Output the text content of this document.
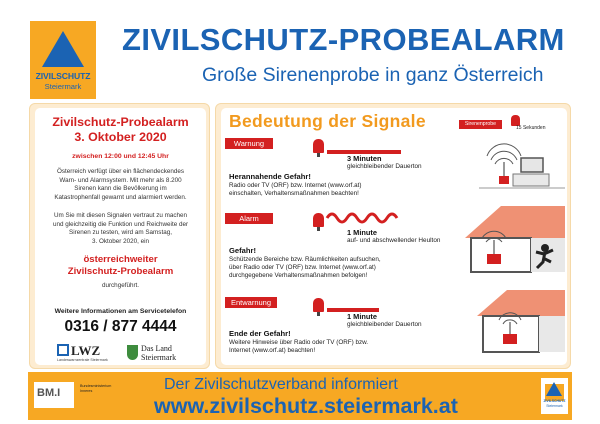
ZIVILSCHUTZ
Steiermark
ZIVILSCHUTZ-PROBEALARM
Große Sirenenprobe in ganz Österreich
Zivilschutz-Probealarm
3. Oktober 2020
zwischen 12:00 und 12:45 Uhr
Österreich verfügt über ein flächendeckendes
Warn- und Alarmsystem. Mit mehr als 8.200
Sirenen kann die Bevölkerung im
Katastrophenfall gewarnt und alarmiert werden.
Um Sie mit diesen Signalen vertraut zu machen
und gleichzeitig die Funktion und Reichweite der
Sirenen zu testen, wird am Samstag,
3. Oktober 2020, ein
österreichweiter
Zivilschutz-Probealarm
durchgeführt.
Weitere Informationen am Servicetelefon
0316 / 877 4444
LWZ
Landeswarnzentrale Steiermark
Das Land
Steiermark
Bedeutung der Signale	Sirenenprobe
15 Sekunden
Warnung
3 Minuten
gleichbleibender Dauerton
Herannahende Gefahr!
Radio oder TV (ORF) bzw. Internet (www.orf.at)
einschalten, Verhaltensmaßnahmen beachten!
Alarm
1 Minute
auf- und abschwellender Heulton
Gefahr!
Schützende Bereiche bzw. Räumlichkeiten aufsuchen,
über Radio oder TV (ORF) bzw. Internet (www.orf.at)
durchgegebene Verhaltensmaßnahmen befolgen!
Entwarnung
1 Minute
gleichbleibender Dauerton
Ende der Gefahr!
Weitere Hinweise über Radio oder TV (ORF) bzw.
Internet (www.orf.at) beachten!
BM.I
Bundesministerium
Inneres	Der Zivilschutzverband informiert
www.zivilschutz.steiermark.at	ZIVILSCHUTZ
Steiermark
